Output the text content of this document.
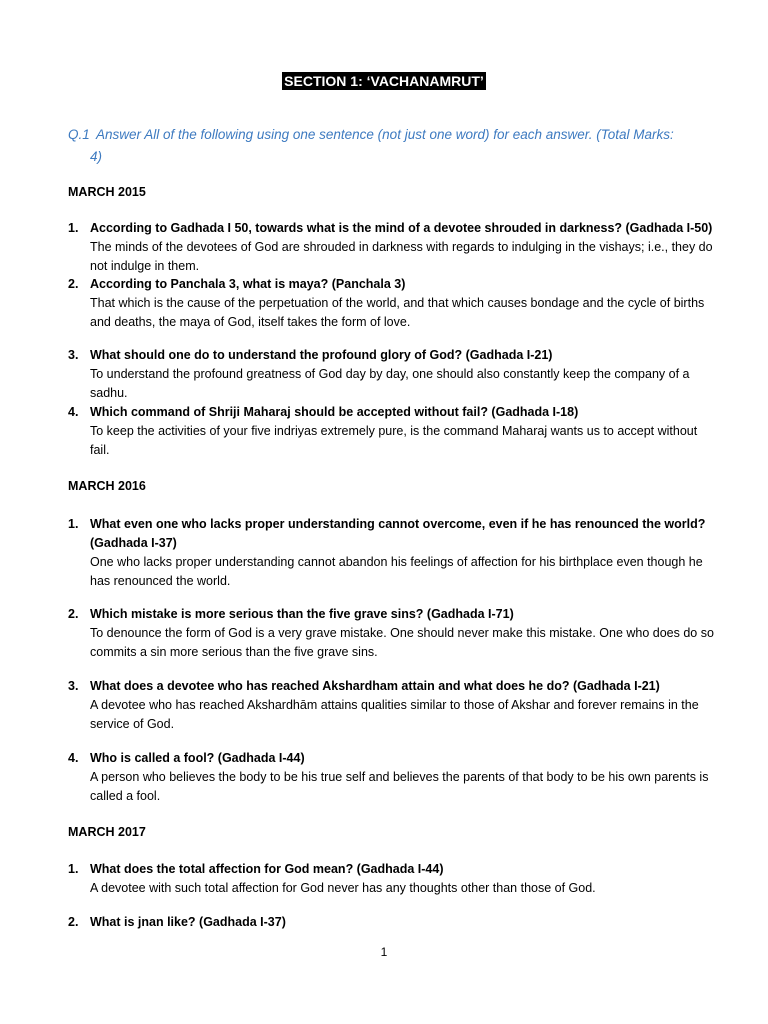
SECTION 1: ‘VACHANAMRUT’
Q.1 Answer All of the following using one sentence (not just one word) for each answer. (Total Marks:
4)
MARCH 2015
1. According to Gadhada I 50, towards what is the mind of a devotee shrouded in darkness? (Gadhada I-50)
The minds of the devotees of God are shrouded in darkness with regards to indulging in the vishays; i.e., they do not indulge in them.
2. According to Panchala 3, what is maya? (Panchala 3)
That which is the cause of the perpetuation of the world, and that which causes bondage and the cycle of births and deaths, the maya of God, itself takes the form of love.
3. What should one do to understand the profound glory of God? (Gadhada I-21)
To understand the profound greatness of God day by day, one should also constantly keep the company of a sadhu.
4. Which command of Shriji Maharaj should be accepted without fail? (Gadhada I-18)
To keep the activities of your five indriyas extremely pure, is the command Maharaj wants us to accept without fail.
MARCH 2016
1. What even one who lacks proper understanding cannot overcome, even if he has renounced the world? (Gadhada I-37)
One who lacks proper understanding cannot abandon his feelings of affection for his birthplace even though he has renounced the world.
2. Which mistake is more serious than the five grave sins? (Gadhada I-71)
To denounce the form of God is a very grave mistake. One should never make this mistake. One who does do so commits a sin more serious than the five grave sins.
3. What does a devotee who has reached Akshardham attain and what does he do? (Gadhada I-21)
A devotee who has reached Akshardhām attains qualities similar to those of Akshar and forever remains in the service of God.
4. Who is called a fool? (Gadhada I-44)
A person who believes the body to be his true self and believes the parents of that body to be his own parents is called a fool.
MARCH 2017
1. What does the total affection for God mean? (Gadhada I-44)
A devotee with such total affection for God never has any thoughts other than those of God.
2. What is jnan like? (Gadhada I-37)
1
